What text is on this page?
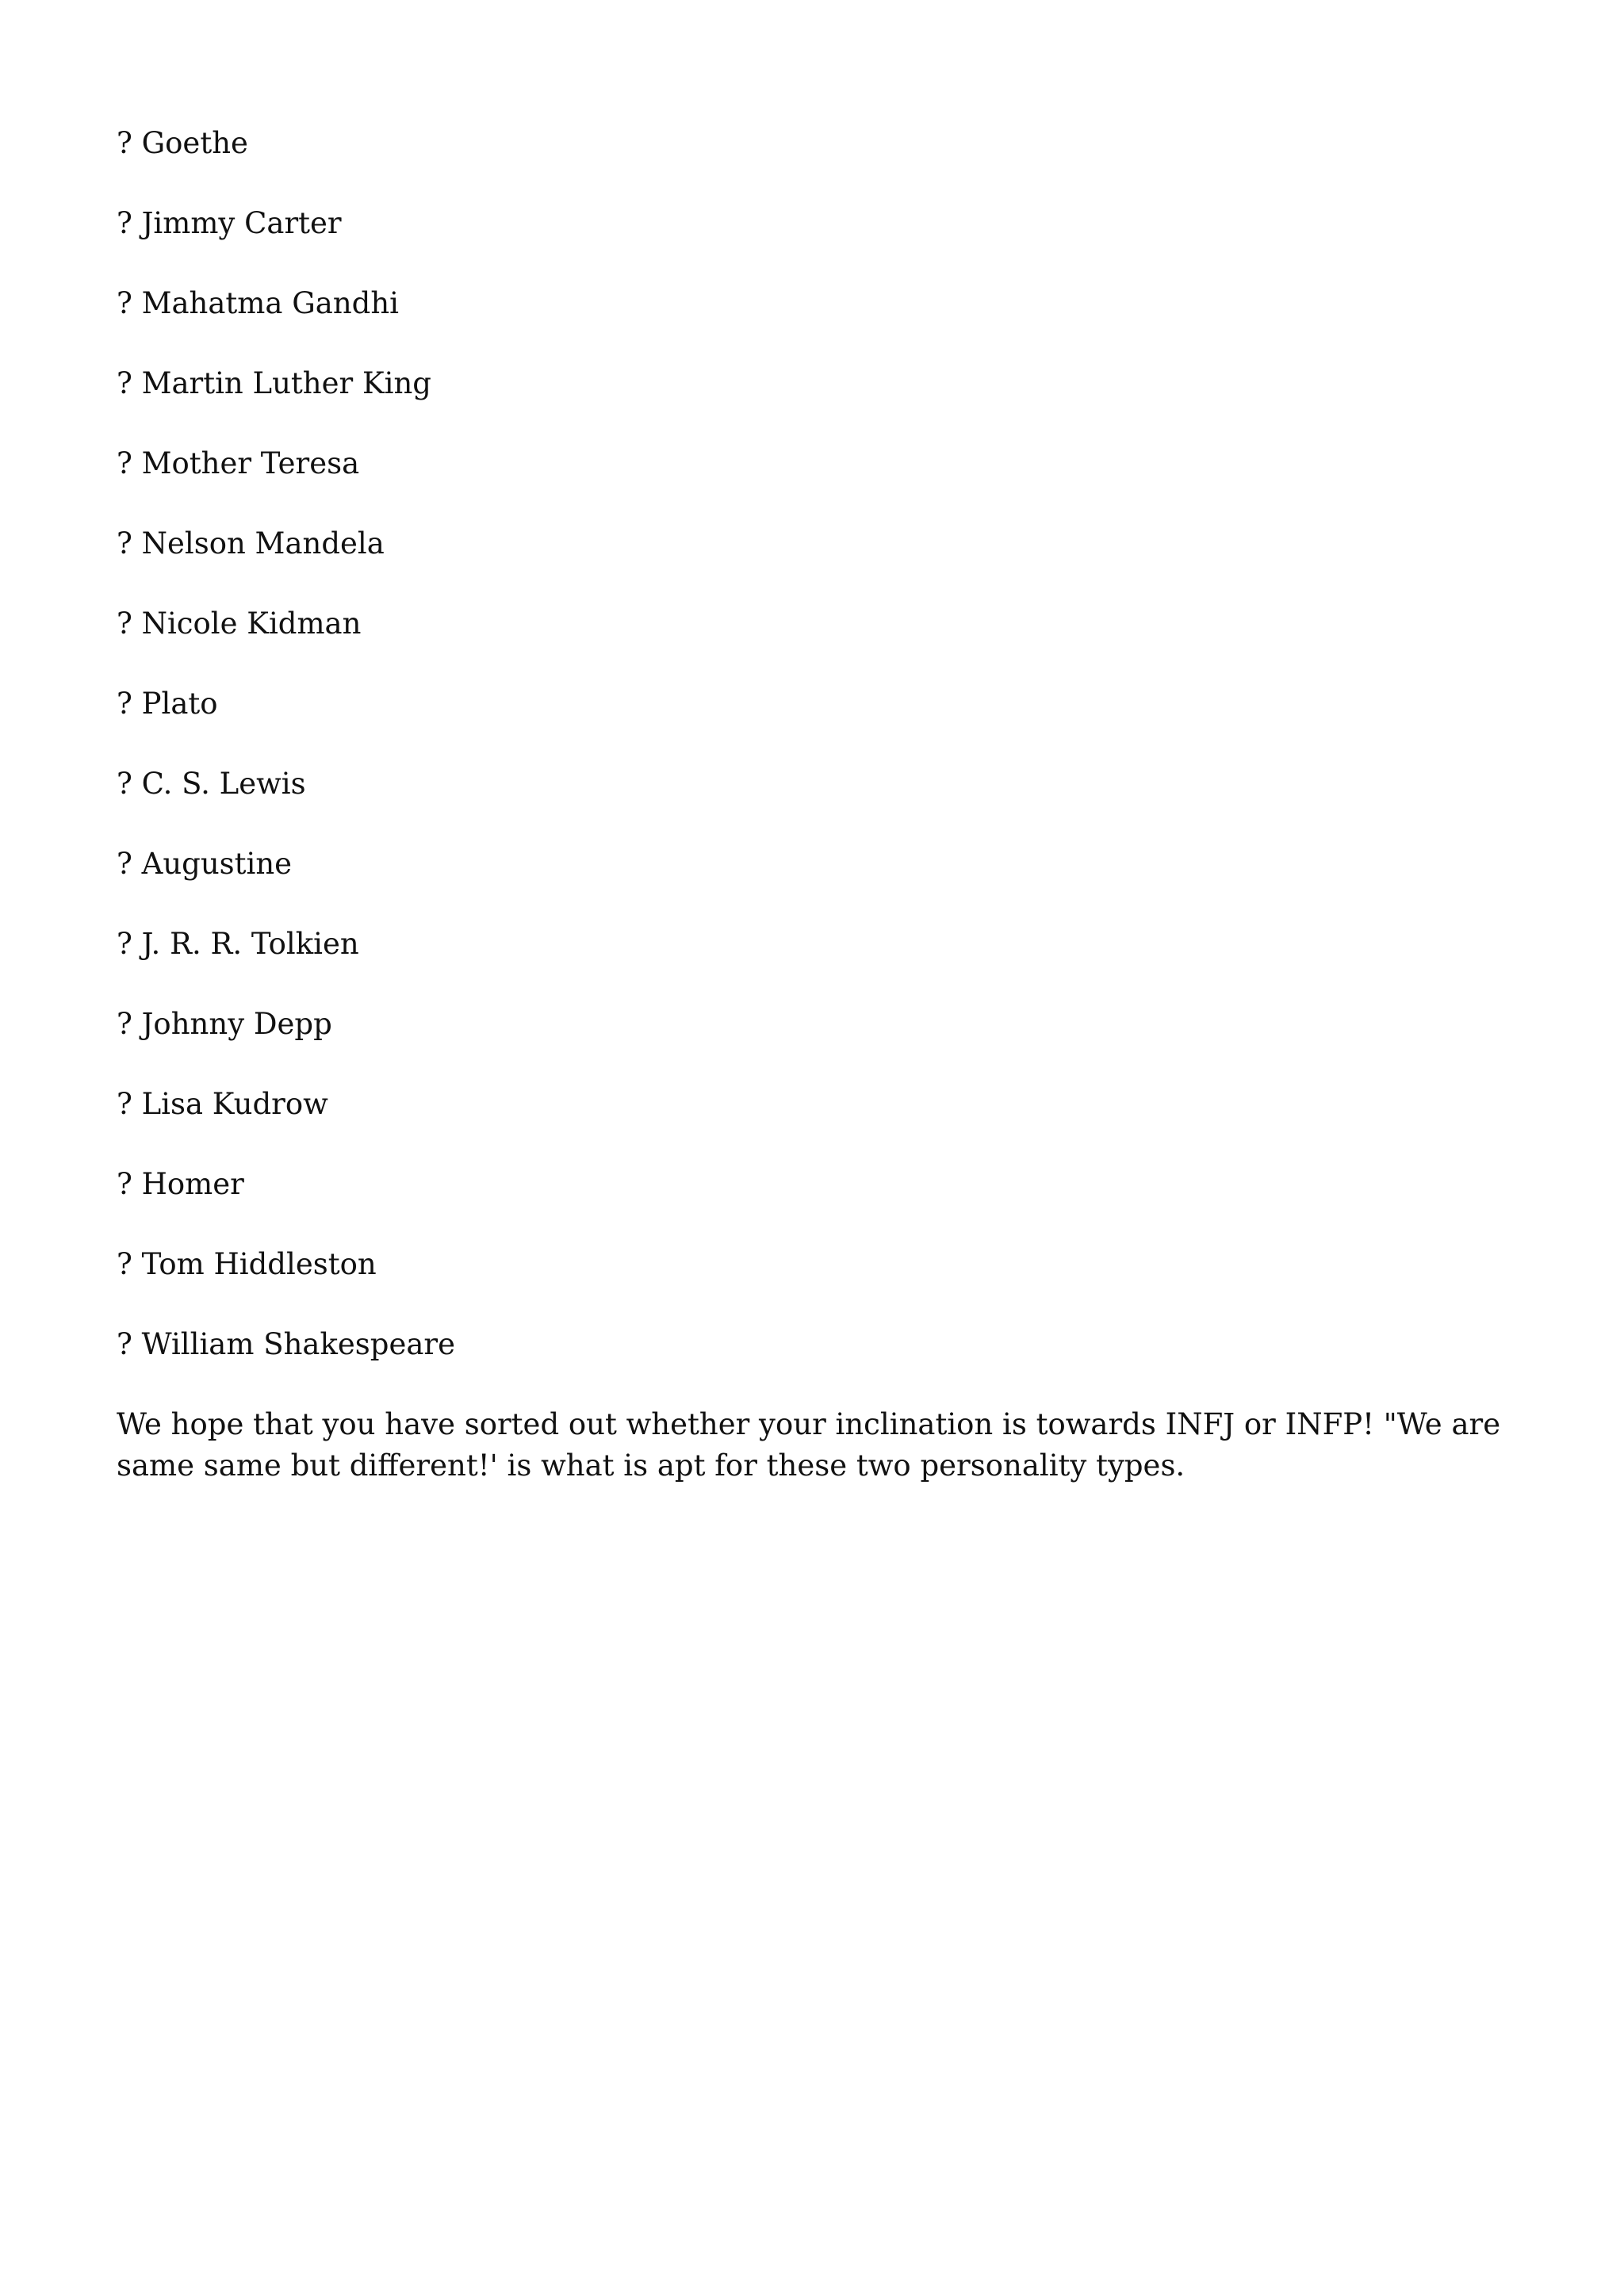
? Goethe
? Jimmy Carter
? Mahatma Gandhi
? Martin Luther King
? Mother Teresa
? Nelson Mandela
? Nicole Kidman
? Plato
? C. S. Lewis
? Augustine
? J. R. R. Tolkien
? Johnny Depp
? Lisa Kudrow
? Homer
? Tom Hiddleston
? William Shakespeare

We hope that you have sorted out whether your inclination is towards INFJ or INFP! "We are same same but different!' is what is apt for these two personality types.
